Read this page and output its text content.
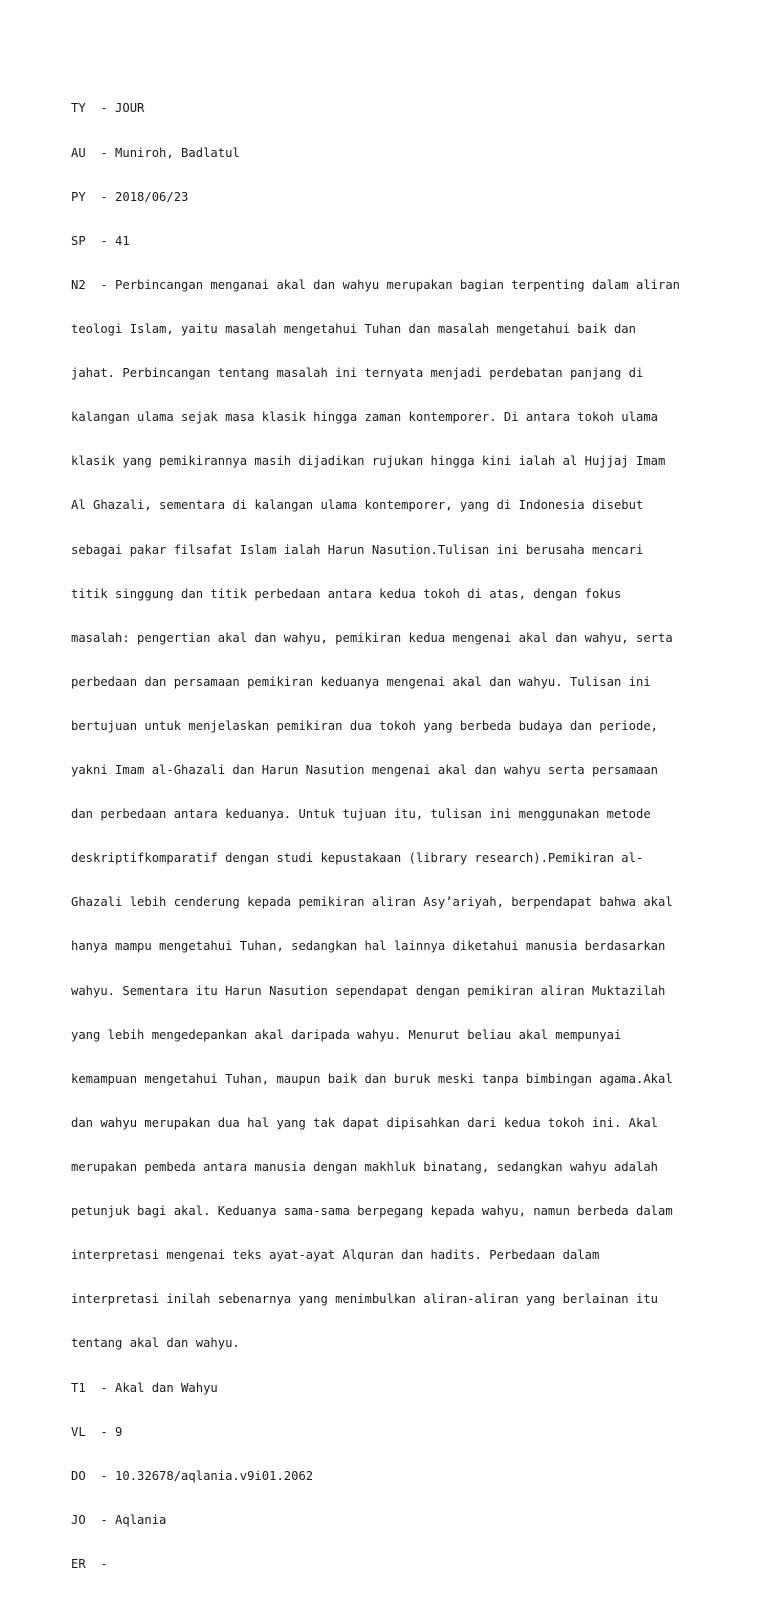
TY  - JOUR

AU  - Muniroh, Badlatul

PY  - 2018/06/23

SP  - 41

N2  - Perbincangan menganai akal dan wahyu merupakan bagian terpenting dalam aliran

teologi Islam, yaitu masalah mengetahui Tuhan dan masalah mengetahui baik dan

jahat. Perbincangan tentang masalah ini ternyata menjadi perdebatan panjang di

kalangan ulama sejak masa klasik hingga zaman kontemporer. Di antara tokoh ulama

klasik yang pemikirannya masih dijadikan rujukan hingga kini ialah al Hujjaj Imam

Al Ghazali, sementara di kalangan ulama kontemporer, yang di Indonesia disebut

sebagai pakar filsafat Islam ialah Harun Nasution.Tulisan ini berusaha mencari

titik singgung dan titik perbedaan antara kedua tokoh di atas, dengan fokus

masalah: pengertian akal dan wahyu, pemikiran kedua mengenai akal dan wahyu, serta

perbedaan dan persamaan pemikiran keduanya mengenai akal dan wahyu. Tulisan ini

bertujuan untuk menjelaskan pemikiran dua tokoh yang berbeda budaya dan periode,

yakni Imam al-Ghazali dan Harun Nasution mengenai akal dan wahyu serta persamaan

dan perbedaan antara keduanya. Untuk tujuan itu, tulisan ini menggunakan metode

deskriptifkomparatif dengan studi kepustakaan (library research).Pemikiran al-

Ghazali lebih cenderung kepada pemikiran aliran Asy’ariyah, berpendapat bahwa akal

hanya mampu mengetahui Tuhan, sedangkan hal lainnya diketahui manusia berdasarkan

wahyu. Sementara itu Harun Nasution sependapat dengan pemikiran aliran Muktazilah

yang lebih mengedepankan akal daripada wahyu. Menurut beliau akal mempunyai

kemampuan mengetahui Tuhan, maupun baik dan buruk meski tanpa bimbingan agama.Akal

dan wahyu merupakan dua hal yang tak dapat dipisahkan dari kedua tokoh ini. Akal

merupakan pembeda antara manusia dengan makhluk binatang, sedangkan wahyu adalah

petunjuk bagi akal. Keduanya sama-sama berpegang kepada wahyu, namun berbeda dalam

interpretasi mengenai teks ayat-ayat Alquran dan hadits. Perbedaan dalam

interpretasi inilah sebenarnya yang menimbulkan aliran-aliran yang berlainan itu

tentang akal dan wahyu.

T1  - Akal dan Wahyu

VL  - 9

DO  - 10.32678/aqlania.v9i01.2062

JO  - Aqlania

ER  -
